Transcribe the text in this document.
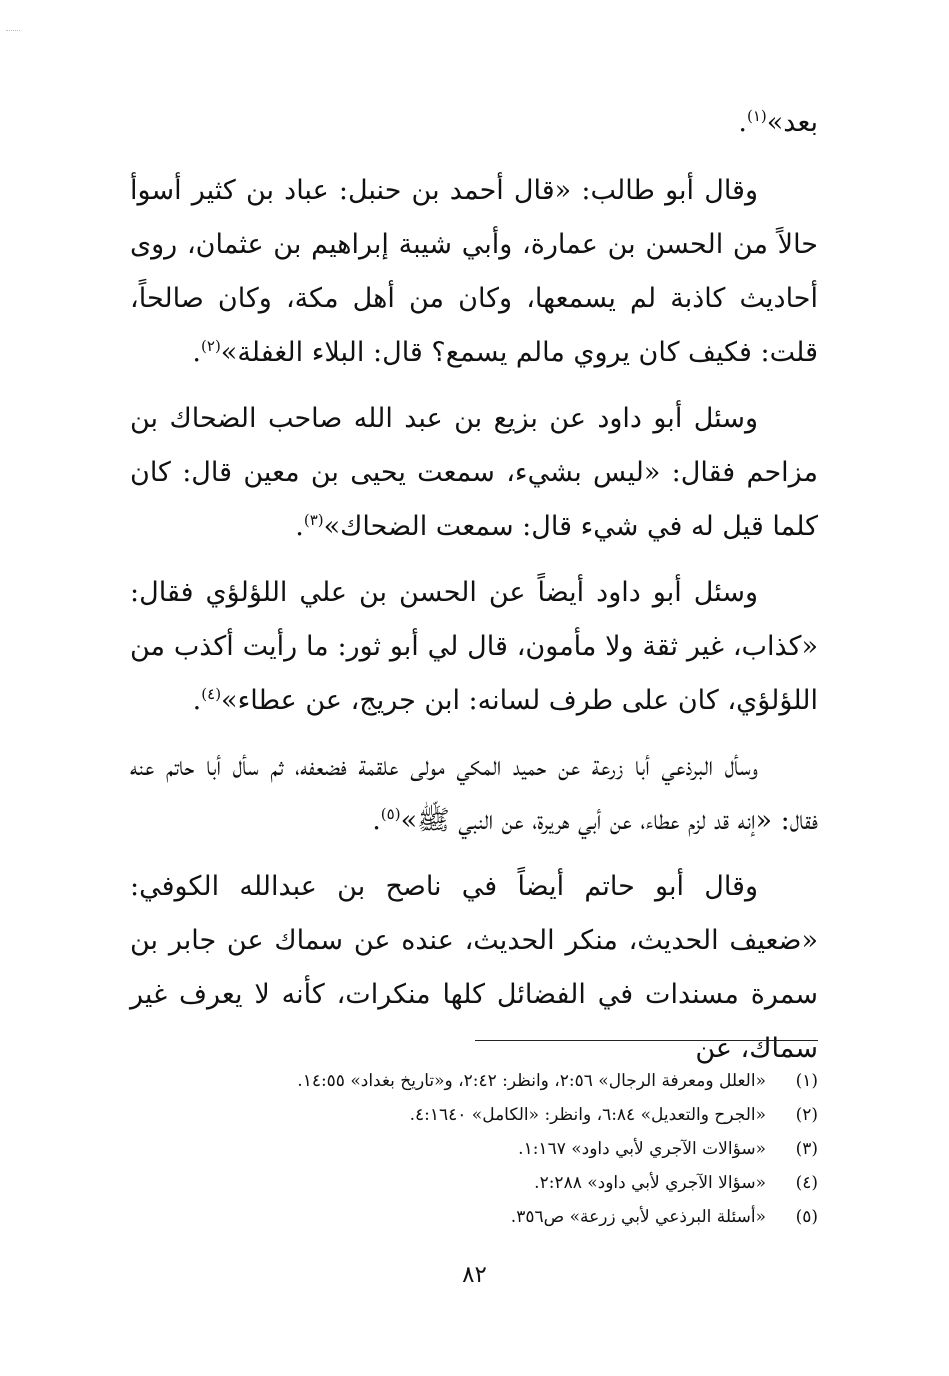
بعد»$^{(١)}$.

وقال أبو طالب: «قال أحمد بن حنبل: عباد بن كثير أسوأ حالاً من الحسن بن عمارة، وأبي شيبة إبراهيم بن عثمان، روى أحاديث كاذبة لم يسمعها، وكان من أهل مكة، وكان صالحاً، قلت: فكيف كان يروي مالم يسمع؟ قال: البلاء الغفلة»$^{(٢)}$.

وسئل أبو داود عن بزيع بن عبد الله صاحب الضحاك بن مزاحم فقال: «ليس بشيء، سمعت يحيى بن معين قال: كان كلما قيل له في شيء قال: سمعت الضحاك»$^{(٣)}$.

وسئل أبو داود أيضاً عن الحسن بن علي اللؤلؤي فقال: «كذاب، غير ثقة ولا مأمون، قال لي أبو ثور: ما رأيت أكذب من اللؤلؤي، كان على طرف لسانه: ابن جريج، عن عطاء»$^{(٤)}$.

وسأل البرذعي أبا زرعة عن حميد المكي مولى علقمة فضعفه، ثم سأل أبا حاتم عنه فقال: «إنه قد لزم عطاء، عن أبي هريرة، عن النبي ﷺ»$^{(٥)}$.

وقال أبو حاتم أيضاً في ناصح بن عبدالله الكوفي: «ضعيف الحديث، منكر الحديث، عنده عن سماك عن جابر بن سمرة مسندات في الفضائل كلها منكرات، كأنه لا يعرف غير سماك، عن

(١)
«العلل ومعرفة الرجال» ٢:٥٦، وانظر: ٢:٤٢، و«تاريخ بغداد» ١٤:٥٥.
(٢)
«الجرح والتعديل» ٦:٨٤، وانظر: «الكامل» ٤:١٦٤٠.
(٣)
«سؤالات الآجري لأبي داود» ١:١٦٧.
(٤)
«سؤالا الآجري لأبي داود» ٢:٢٨٨.
(٥)
«أسئلة البرذعي لأبي زرعة» ص٣٥٦.
٨٢
